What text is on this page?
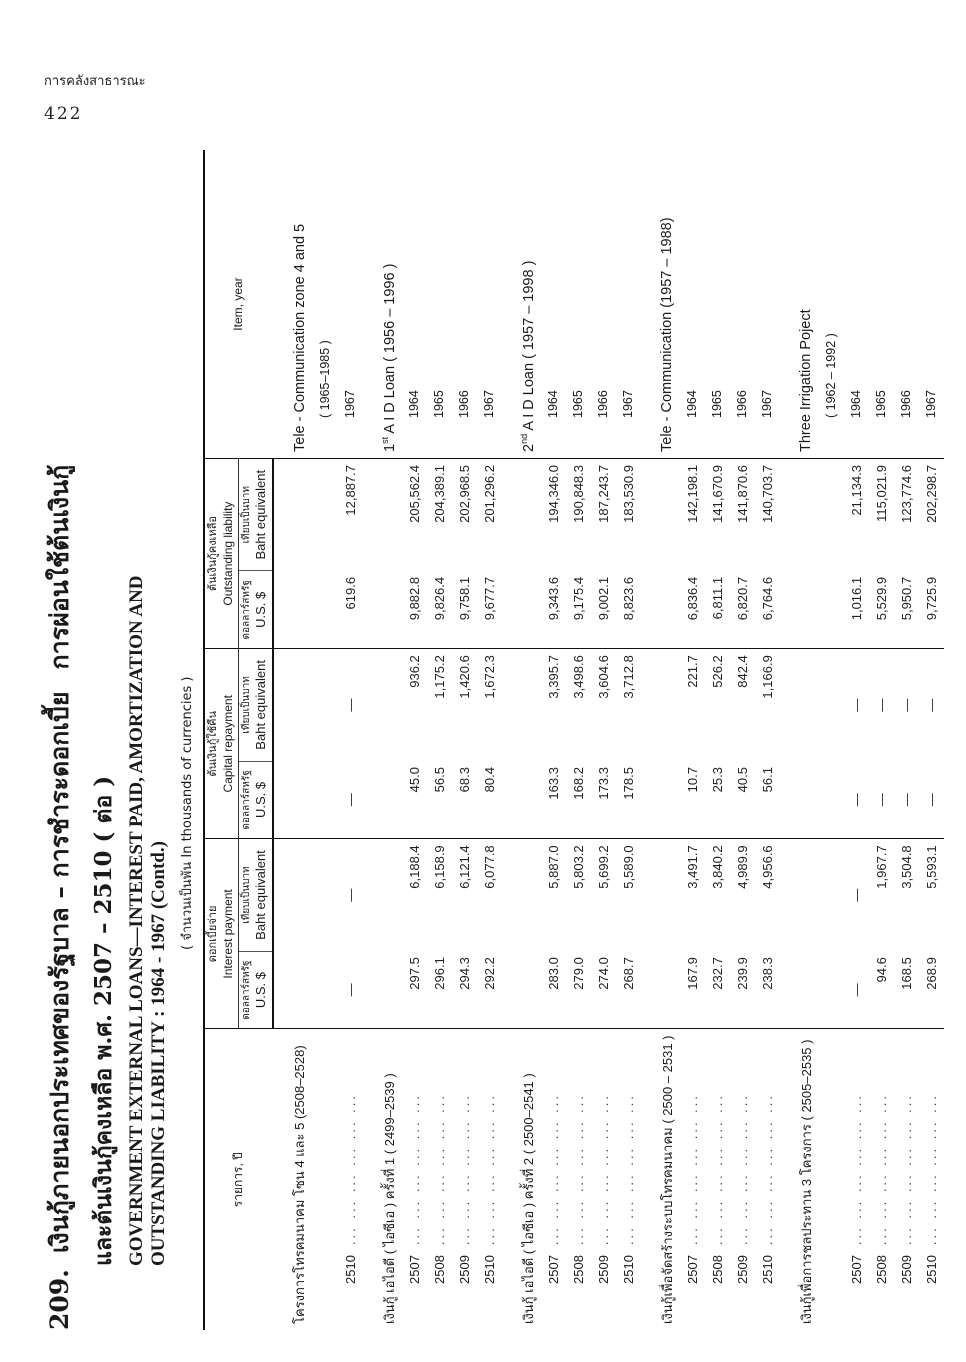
การคลังสาธารณะ
422
209.เงินกู้ภายนอกประเทศของรัฐบาล – การชำระดอกเบี้ยการผ่อนใช้ต้นเงินกู้
และต้นเงินกู้คงเหลือ พ.ศ. 2507 – 2510 ( ต่อ ) GOVERNMENT EXTERNAL LOANS—INTEREST PAID, AMORTIZATION AND OUTSTANDING LIABILITY : 1964 - 1967 (Contd.)
( จำนวนเป็นพัน In thousands of currencies )
รายการ, ปี	ดอกเบี้ยจ่าย Interest payment		ต้นเงินกู้ใช้คืน Capital repayment		ต้นเงินกู้คงเหลือ Outstanding liability		Item, year

	ดอลลาร์สหรัฐ U.S. $	เทียบเป็นบาท Baht equivalent	ดอลลาร์สหรัฐ U.S. $	เทียบเป็นบาท Baht equivalent	ดอลลาร์สหรัฐ U.S. $	เทียบเป็นบาท Baht equivalent	

โครงการโทรคมนาคม โซน 4 และ 5 (2508–2528)							Tele - Communication zone 4 and 5
							( 1965–1985 )
2510... ... ... ... ... ...	—	—	—	—	619.6	12,887.7	1967
เงินกู้ เอไอดี ( ไอซีเอ ) ครั้งที่ 1 ( 2499–2539 )							1st A I D Loan ( 1956 – 1996 )
2507... ... ... ... ... ...	297.5	6,188.4	45.0	936.2	9,882.8	205,562.4	1964
2508... ... ... ... ... ...	296.1	6,158.9	56.5	1,175.2	9,826.4	204,389.1	1965
2509... ... ... ... ... ...	294.3	6,121.4	68.3	1,420.6	9,758.1	202,968.5	1966
2510... ... ... ... ... ...	292.2	6,077.8	80.4	1,672.3	9,677.7	201,296.2	1967
เงินกู้ เอไอดี ( ไอซีเอ ) ครั้งที่ 2 ( 2500–2541 )							2nd A I D Loan ( 1957 – 1998 )
2507... ... ... ... ... ...	283.0	5,887.0	163.3	3,395.7	9,343.6	194,346.0	1964
2508... ... ... ... ... ...	279.0	5,803.2	168.2	3,498.6	9,175.4	190,848.3	1965
2509... ... ... ... ... ...	274.0	5,699.2	173.3	3,604.6	9,002.1	187,243.7	1966
2510... ... ... ... ... ...	268.7	5,589.0	178.5	3,712.8	8,823.6	183,530.9	1967
เงินกู้เพื่อจัดสร้างระบบโทรคมนาคม ( 2500 – 2531 )							Tele - Communication (1957 – 1988)
2507... ... ... ... ... ...	167.9	3,491.7	10.7	221.7	6,836.4	142,198.1	1964
2508... ... ... ... ... ...	232.7	3,840.2	25.3	526.2	6,811.1	141,670.9	1965
2509... ... ... ... ... ...	239.9	4,989.9	40.5	842.4	6,820.7	141,870.6	1966
2510... ... ... ... ... ...	238.3	4,956.6	56.1	1,166.9	6,764.6	140,703.7	1967
เงินกู้เพื่อการชลประทาน 3 โครงการ ( 2505–2535 )							Three Irrigation Poject
							( 1962 – 1992 )
2507... ... ... ... ... ...	—	—	—	—	1,016.1	21,134.3	1964
2508... ... ... ... ... ...	94.6	1,967.7	—	—	5,529.9	115,021.9	1965
2509... ... ... ... ... ...	168.5	3,504.8	—	—	5,950.7	123,774.6	1966
2510... ... ... ... ... ...	268.9	5,593.1	—	—	9,725.9	202,298.7	1967
